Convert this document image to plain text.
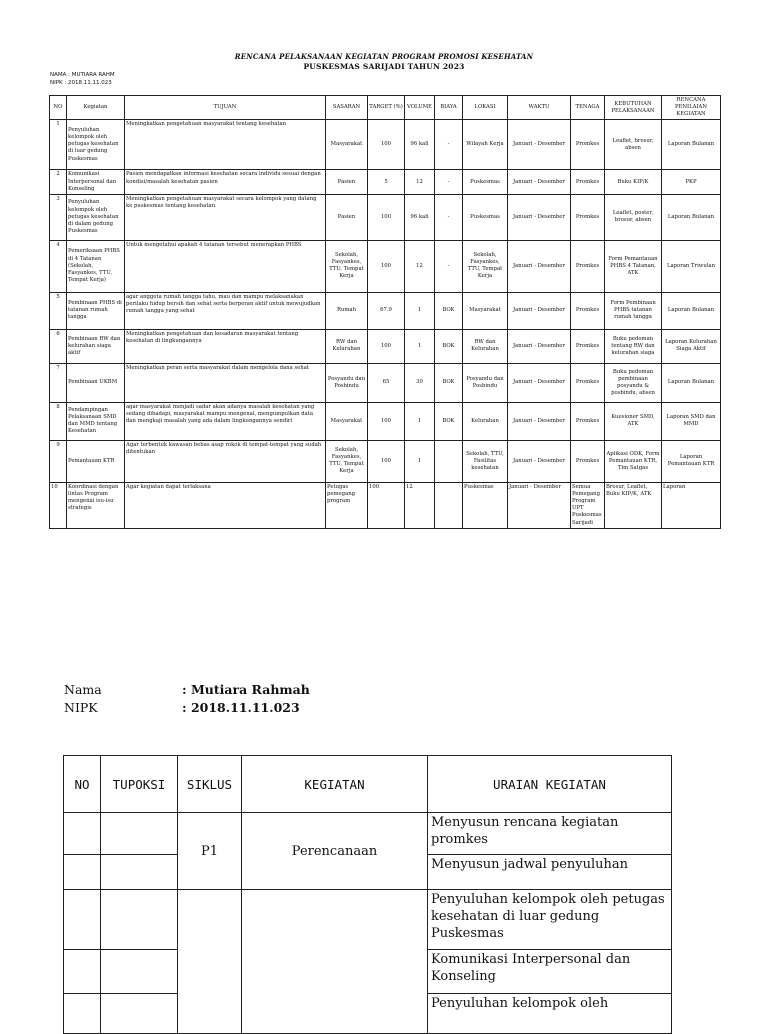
RENCANA PELAKSANAAN KEGIATAN PROGRAM PROMOSI KESEHATAN
PUSKESMAS SARIJADI TAHUN 2023
NAMA : MUTIARA RAHM
NIPK : 2018.11.11.023
NO	Kegiatan	TUJUAN	SASARAN	TARGET (%)	VOLUME	BIAYA	LOKASI	WAKTU	TENAGA	KEBUTUHAN PELAKSANAAN	RENCANA PENILAIAN KEGIATAN
1	Penyuluhan kelompok oleh petugas kesehatan di luar gedung Puskesmas	Meningkatkan pengetahuan masyarakat tentang kesehatan	Masyarakat	100	96 kali	-	Wilayah Kerja	Januari - Desember	Promkes	Leaflet, brosur, absen	Laporan Bulanan
2	Komunikasi Interpersonal dan Konseling	Pasien mendapatkan informasi kesehatan secara individu sesuai dengan kondisi/masalah kesehatan pasien	Pasien	5	12	-	Puskesmas	Januari - Desember	Promkes	Buku KIP/K	PKP
3	Penyuluhan kelompok oleh petugas kesehatan di dalam gedung Puskesmas	Meningkatkan pengetahuan masyarakat secara kelompok yang datang ke puskesmas tentang kesehatan	Pasien	100	96 kali	-	Puskesmas	Januari - Desember	Promkes	Leaflet, poster, brosur, absen	Laporan Bulanan
4	Pemeriksaan PHBS di 4 Tatanan (Sekolah, Fasyankes, TTU, Tempat Kerja)	Untuk mengetahui apakah 4 tatanan tersebut menerapkan PHBS	Sekolah, Fasyankes, TTU, Tempat Kerja	100	12	-	Sekolah, Fasyankes, TTU, Tempat Kerja	Januari - Desember	Promkes	Form Pemantauan PHBS 4 Tatanan, ATK	Laporan Triwulan
5	Pembinaan PHBS di tatanan rumah tangga	agar anggota rumah tangga tahu, mau dan mampu melaksanakan perilaku hidup bersih dan sehat serta berperan aktif untuk mewujudkan rumah tangga yang sehat	Rumah	67.9	1	BOK	Masyarakat	Januari - Desember	Promkes	Form Pembinaan PHBS tatanan rumah tangga	Laporan Bulanan
6	Pembinaan RW dan kelurahan siaga aktif	Meningkatkan pengetahuan dan kesadaran masyarakat tentang kesehatan di lingkungannya	RW dan Kelurahan	100	1	BOK	RW dan Kelurahan	Januari - Desember	Promkes	Buku pedoman tentang RW dan kelurahan siaga	Laporan Kelurahan Siaga Aktif
7	Pembinaan UKBM	Meningkatkan peran serta masyarakat dalam mengelola dana sehat	Posyandu dan Posbindu	65	30	BOK	Posyandu dan Posbindu	Januari - Desember	Promkes	Buku pedoman pembinaan posyandu & posbindu, absen	Laporan Bulanan
8	Pendampingan Pelaksanaan SMD dan MMD tentang Kesehatan	agar masyarakat menjadi sadar akan adanya masalah kesehatan yang sedang dihadapi, masyarakat mampu mengenal, mengumpulkan data dan mengkaji masalah yang ada dalam lingkungannya sendiri	Masyarakat	100	1	BOK	Kelurahan	Januari - Desember	Promkes	Kuesioner SMD, ATK	Laporan SMD dan MMD
9	Pemantauan KTR	Agar terbentuk kawasan bebas asap rokok di tempat-tempat yang sudah ditentukan	Sekolah, Fasyankes, TTU, Tempat Kerja	100	1		Sekolah, TTU, Fasilitas kesehatan	Januari - Desember	Promkes	Aplikasi ODK, Form Pemantauan KTR, Tim Satgas	Laporan Pemantauan KTR
10	Koordinasi dengan lintas Program mengenai isu-isu strategis	Agar kegiatan dapat terlaksana	Petugas pemegang program	100	12		Puskesmas	Januari - Desember	Semua Pemegang Program UPT Puskesmas Sarijadi	Brosur, Leaflet, Buku KIP/K, ATK	Laporan
Nama	: Mutiara Rahmah
NIPK	: 2018.11.11.023
NO	TUPOKSI	SIKLUS	KEGIATAN	URAIAN KEGIATAN
		P1	Perencanaan	Menyusun rencana kegiatan promkes
				Menyusun jadwal penyuluhan
				Penyuluhan kelompok oleh petugas kesehatan di luar gedung Puskesmas
				Komunikasi Interpersonal dan Konseling
				Penyuluhan kelompok oleh
